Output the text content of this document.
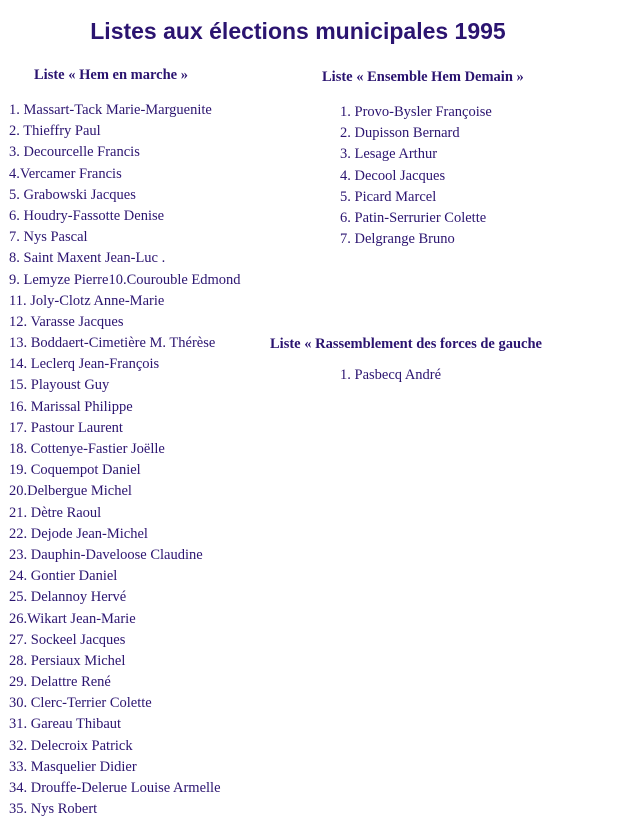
Listes aux élections municipales 1995
Liste « Hem en marche »
1. Massart-Tack Marie-Marguenite
2. Thieffry Paul
3. Decourcelle Francis
4.Vercamer Francis
5. Grabowski Jacques
6. Houdry-Fassotte Denise
7. Nys Pascal
8. Saint Maxent Jean-Luc .
9. Lemyze Pierre10.Courouble Edmond
11. Joly-Clotz Anne-Marie
12. Varasse Jacques
13. Boddaert-Cimetière M. Thérèse
14. Leclerq Jean-François
15. Playoust Guy
16. Marissal Philippe
17. Pastour Laurent
18. Cottenye-Fastier Joëlle
19. Coquempot Daniel
20.Delbergue Michel
21. Dètre Raoul
22. Dejode Jean-Michel
23. Dauphin-Daveloose Claudine
24. Gontier Daniel
25. Delannoy Hervé
26.Wikart Jean-Marie
27. Sockeel Jacques
28. Persiaux Michel
29. Delattre René
30. Clerc-Terrier Colette
31. Gareau Thibaut
32. Delecroix Patrick
33. Masquelier Didier
34. Drouffe-Delerue Louise Armelle
35. Nys Robert
Liste « Ensemble Hem Demain »
1. Provo-Bysler Françoise
2. Dupisson Bernard
3. Lesage Arthur
4. Decool Jacques
5. Picard Marcel
6. Patin-Serrurier Colette
7. Delgrange Bruno
Liste « Rassemblement des forces de gauche
1. Pasbecq André
